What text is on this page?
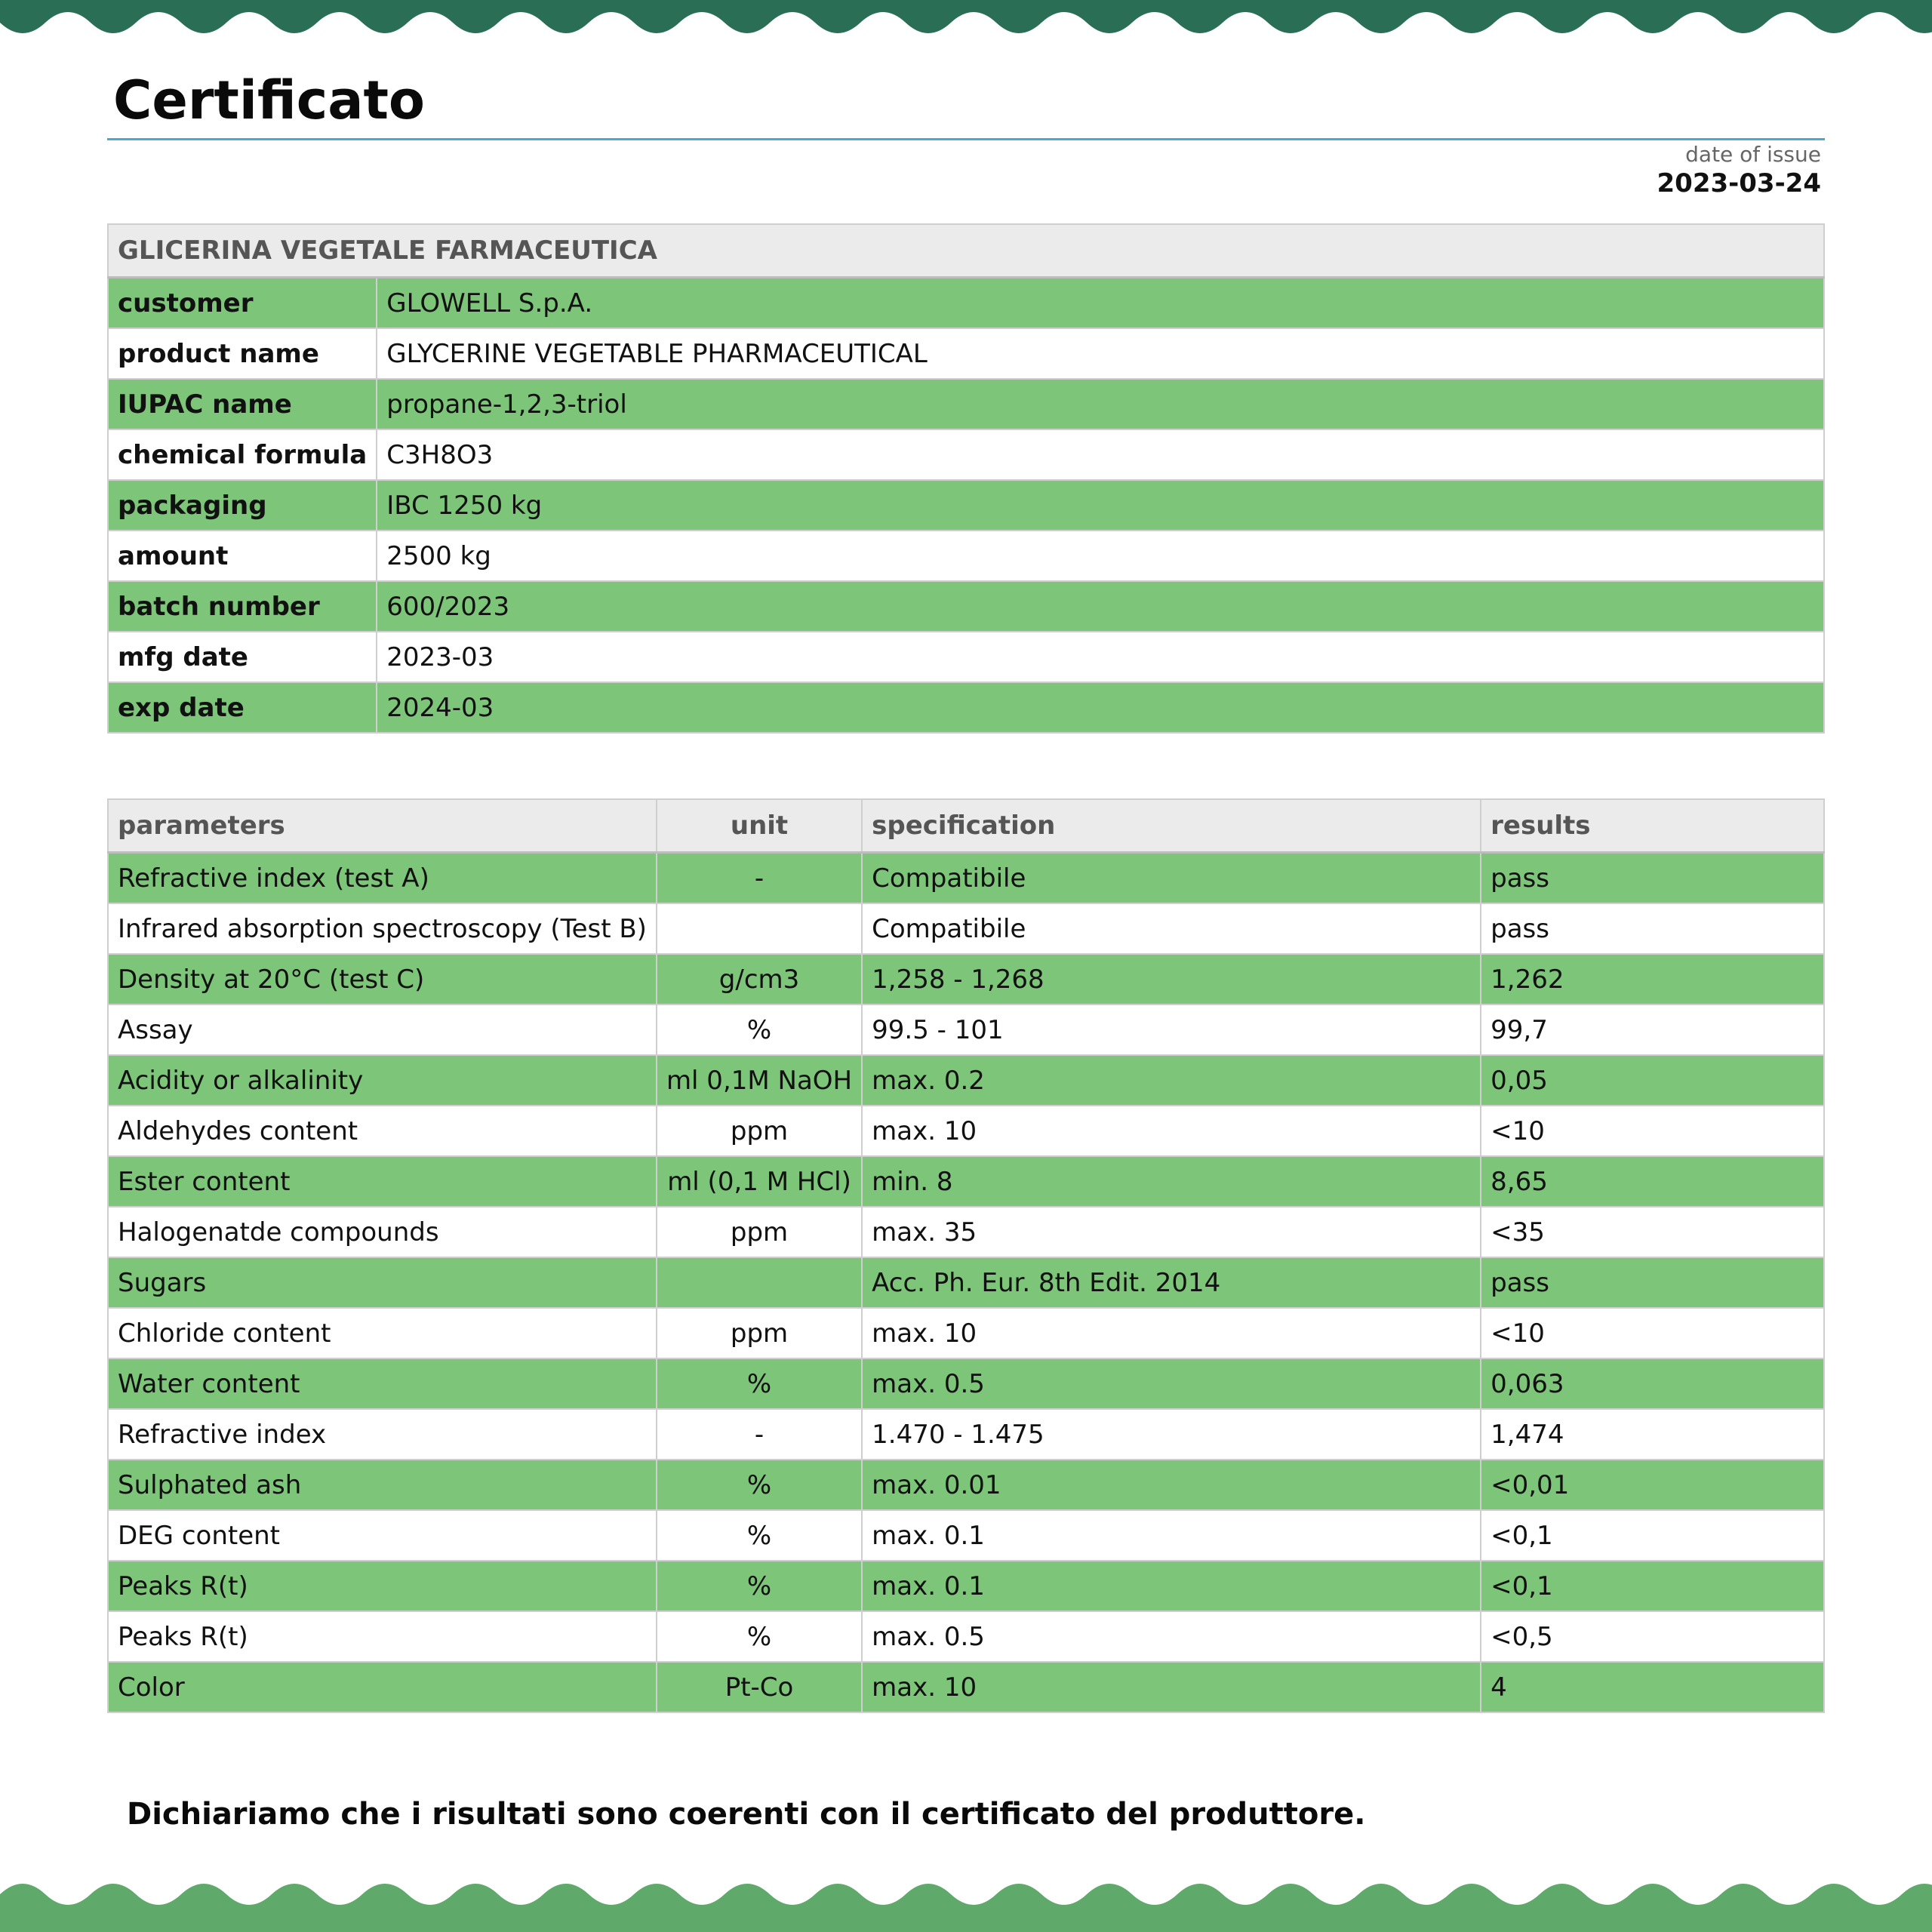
Certificato
date of issue
2023-03-24
GLICERINA VEGETALE FARMACEUTICA	
customer	GLOWELL S.p.A.
product name	GLYCERINE VEGETABLE PHARMACEUTICAL
IUPAC name	propane-1,2,3-triol
chemical formula	C3H8O3
packaging	IBC 1250 kg
amount	2500 kg
batch number	600/2023
mfg date	2023-03
exp date	2024-03
parameters	unit	specification	results
Refractive index (test A)	-	Compatibile	pass
Infrared absorption spectroscopy (Test B)		Compatibile	pass
Density at 20°C (test C)	g/cm3	1,258 - 1,268	1,262
Assay	%	99.5 - 101	99,7
Acidity or alkalinity	ml 0,1M NaOH	max. 0.2	0,05
Aldehydes content	ppm	max. 10	<10
Ester content	ml (0,1 M HCl)	min. 8	8,65
Halogenatde compounds	ppm	max. 35	<35
Sugars		Acc. Ph. Eur. 8th Edit. 2014	pass
Chloride content	ppm	max. 10	<10
Water content	%	max. 0.5	0,063
Refractive index	-	1.470 - 1.475	1,474
Sulphated ash	%	max. 0.01	<0,01
DEG content	%	max. 0.1	<0,1
Peaks R(t)	%	max. 0.1	<0,1
Peaks R(t)	%	max. 0.5	<0,5
Color	Pt-Co	max. 10	4
Dichiariamo che i risultati sono coerenti con il certificato del produttore.
